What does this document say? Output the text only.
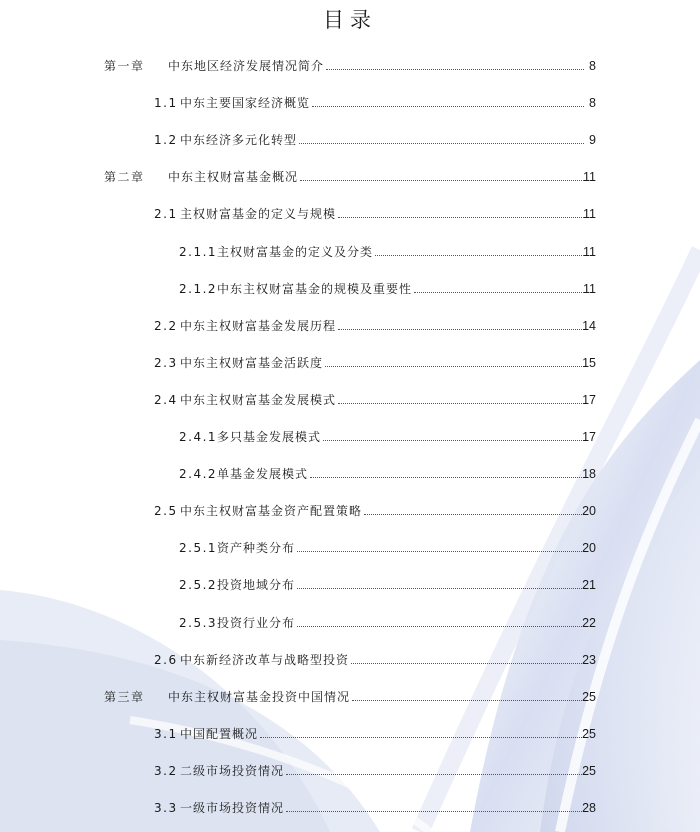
目录
第一章 中东地区经济发展情况简介	8
1.1 中东主要国家经济概览	8
1.2 中东经济多元化转型	9
第二章 中东主权财富基金概况	11
2.1 主权财富基金的定义与规模	11
2.1.1 主权财富基金的定义及分类	11
2.1.2 中东主权财富基金的规模及重要性	11
2.2 中东主权财富基金发展历程	14
2.3 中东主权财富基金活跃度	15
2.4 中东主权财富基金发展模式	17
2.4.1 多只基金发展模式	17
2.4.2 单基金发展模式	18
2.5 中东主权财富基金资产配置策略	20
2.5.1 资产种类分布	20
2.5.2 投资地域分布	21
2.5.3 投资行业分布	22
2.6 中东新经济改革与战略型投资	23
第三章 中东主权财富基金投资中国情况	25
3.1 中国配置概况	25
3.2 二级市场投资情况	25
3.3 一级市场投资情况	28
